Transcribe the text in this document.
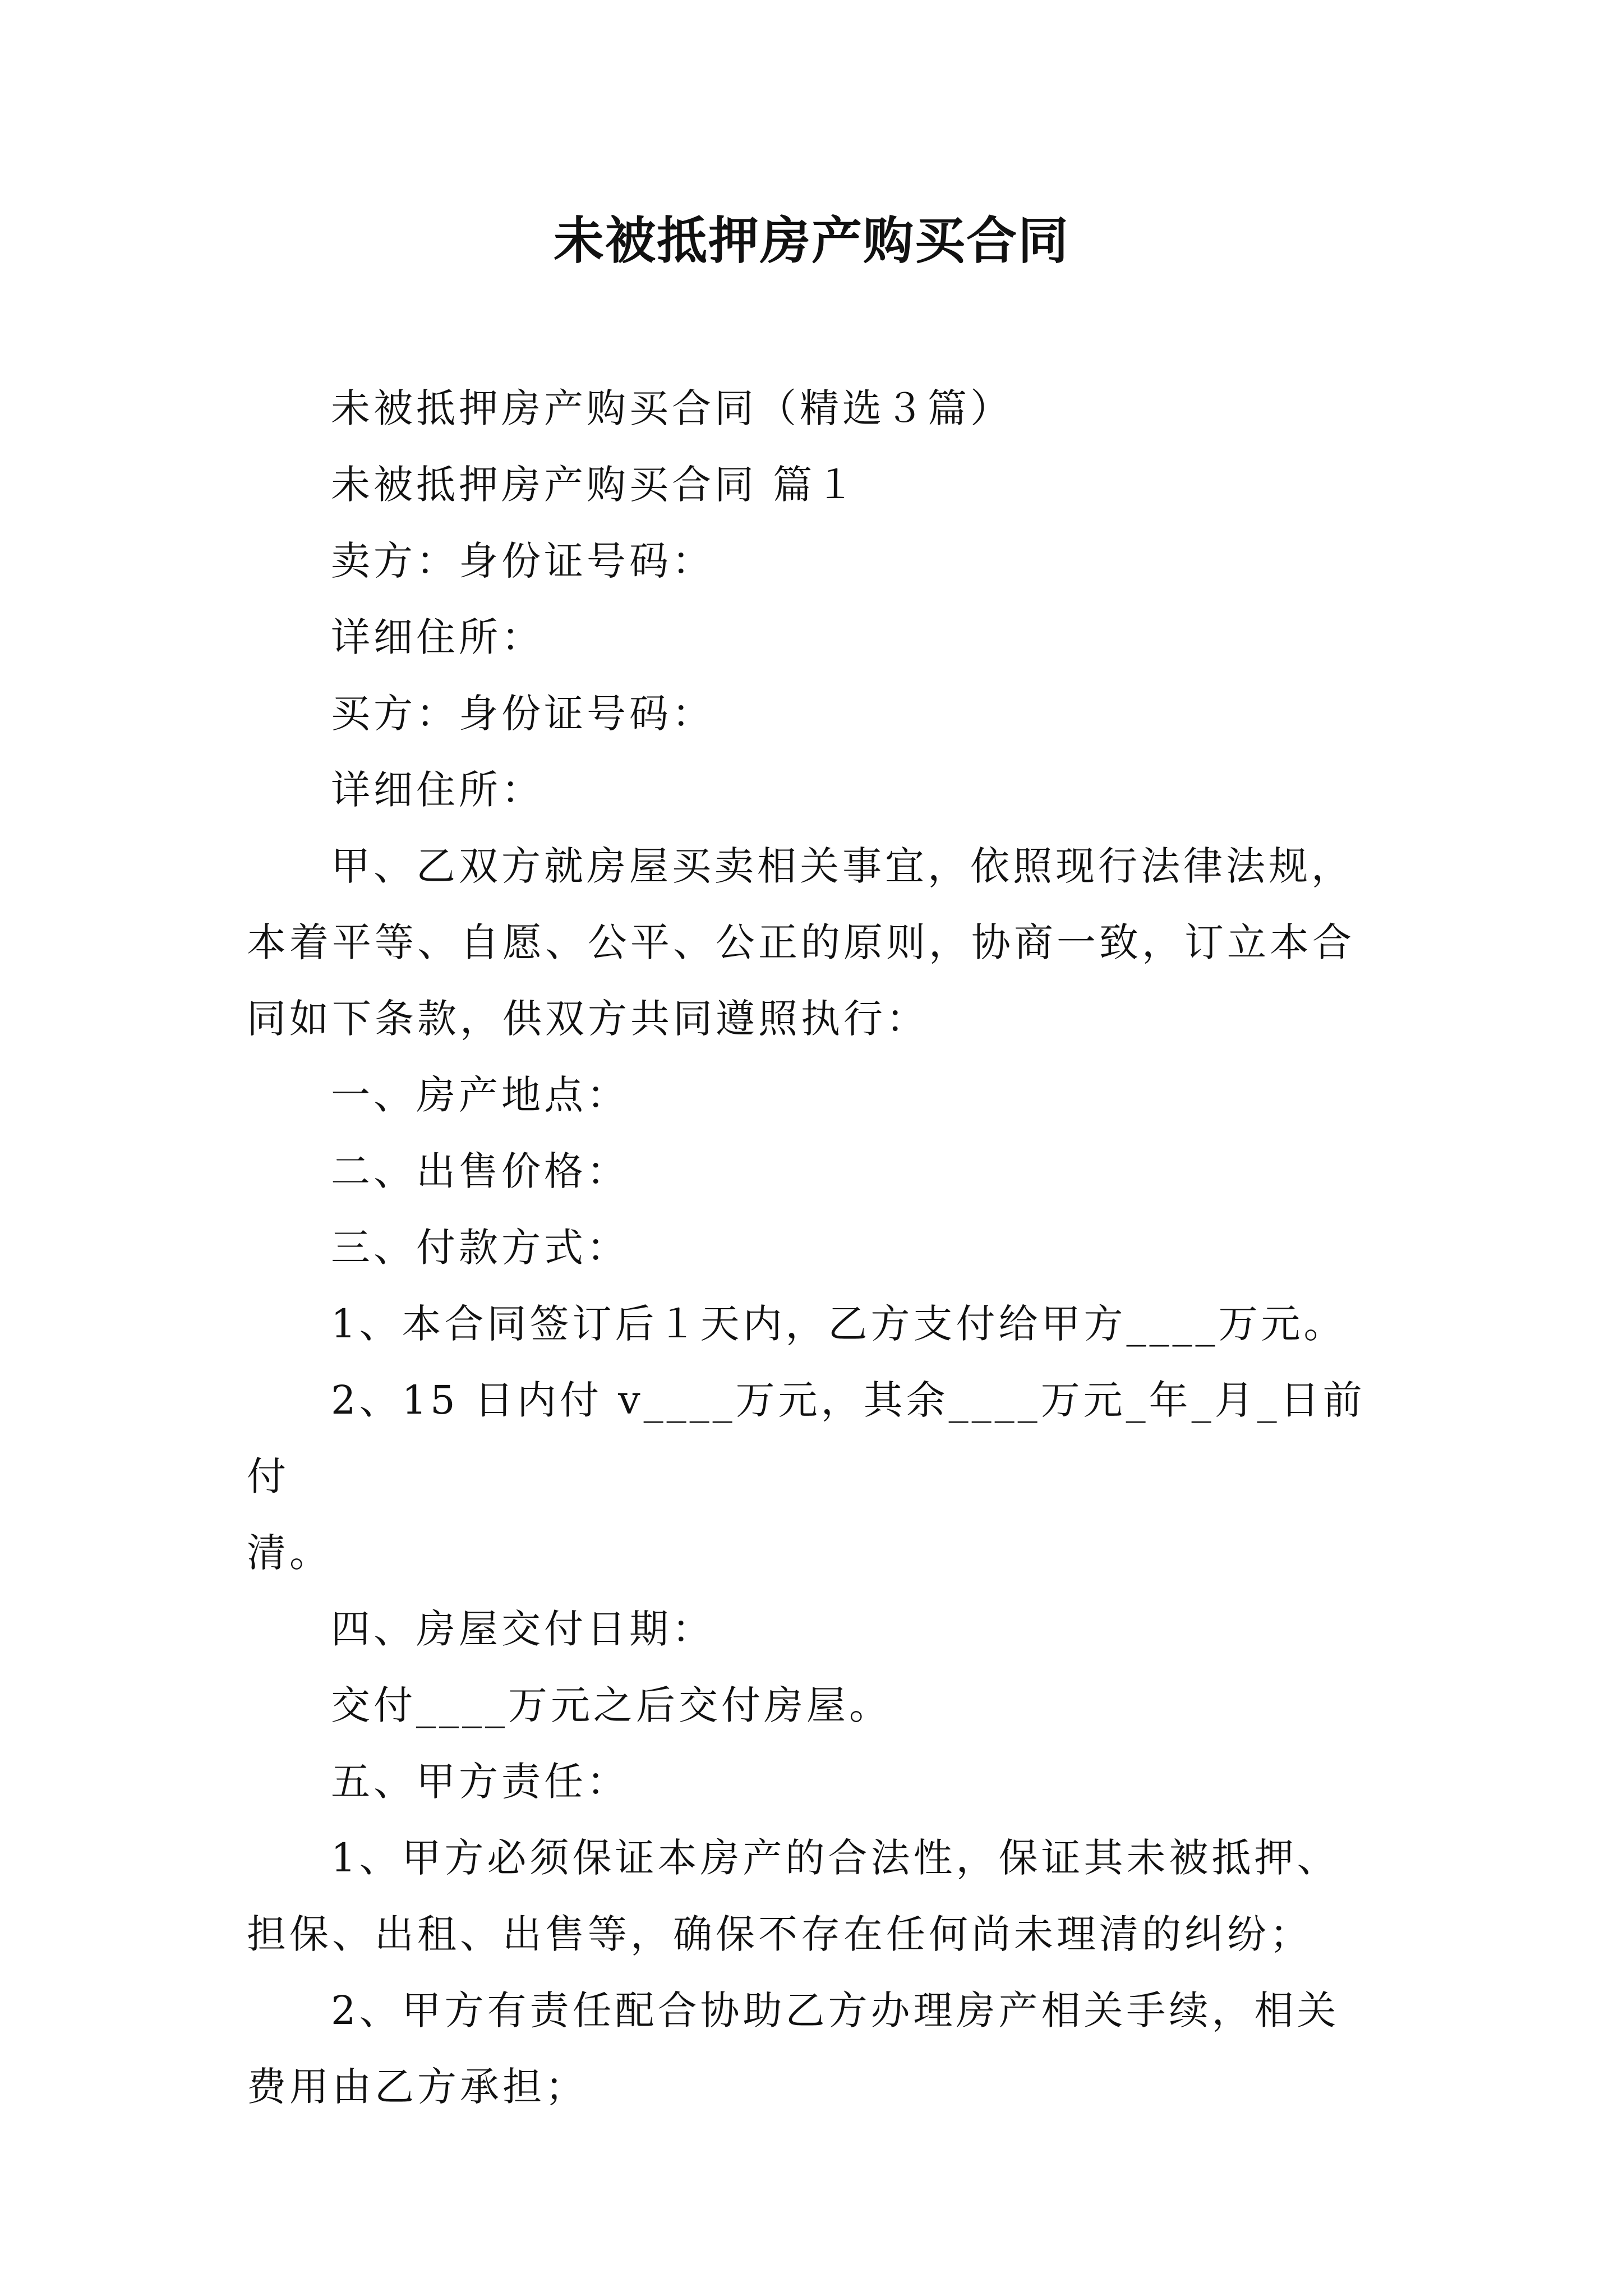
未被抵押房产购买合同

未被抵押房产购买合同（精选３篇）

未被抵押房产购买合同 篇１

卖方：身份证号码：

详细住所：

买方：身份证号码：

详细住所：

甲、乙双方就房屋买卖相关事宜，依照现行法律法规，
本着平等、自愿、公平、公正的原则，协商一致，订立本合
同如下条款，供双方共同遵照执行：

一、房产地点：

二、出售价格：

三、付款方式：

1、本合同签订后１天内，乙方支付给甲方____万元。

2、15 日内付 v____万元，其余____万元_年_月_日前付
清。

四、房屋交付日期：

交付____万元之后交付房屋。

五、甲方责任：

1、甲方必须保证本房产的合法性，保证其未被抵押、
担保、出租、出售等，确保不存在任何尚未理清的纠纷；

2、甲方有责任配合协助乙方办理房产相关手续，相关
费用由乙方承担；
